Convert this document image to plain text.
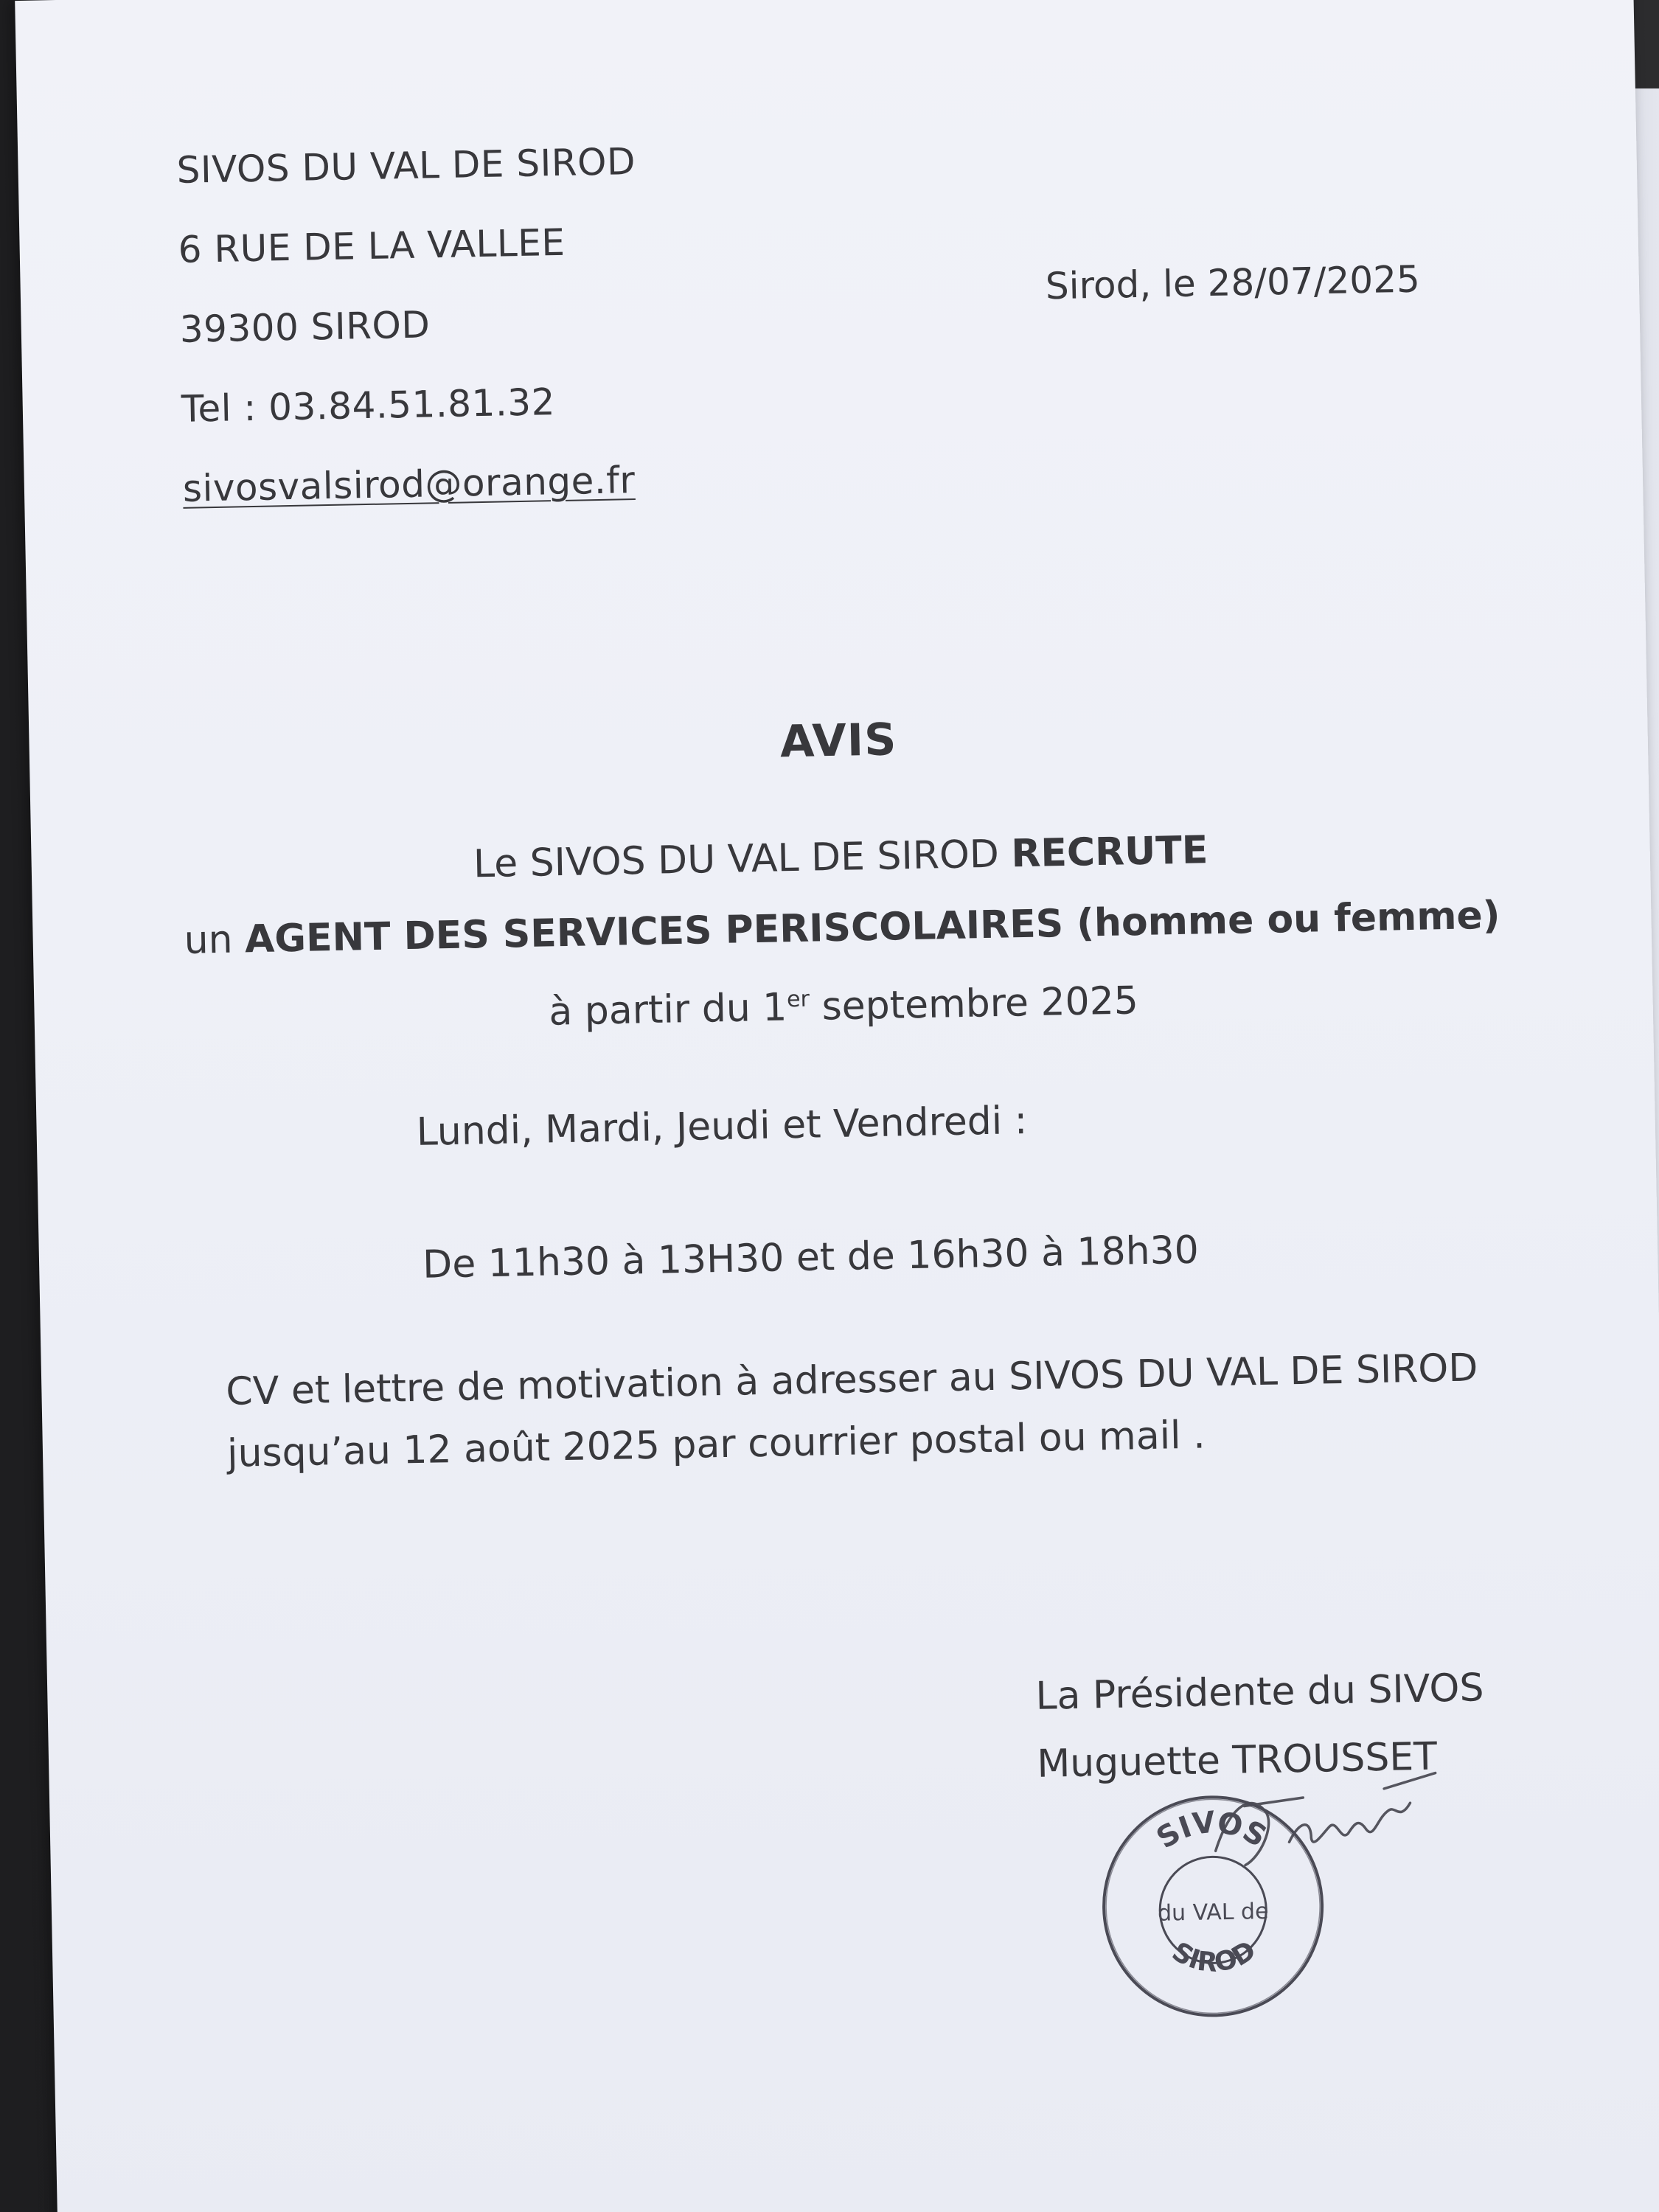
SIVOS DU VAL DE SIROD
6 RUE DE LA VALLEE
39300 SIROD
Tel : 03.84.51.81.32
sivosvalsirod@orange.fr
Sirod, le 28/07/2025
AVIS
Le SIVOS DU VAL DE SIROD RECRUTE
un AGENT DES SERVICES PERISCOLAIRES (homme ou femme)
à partir du 1er septembre 2025
Lundi, Mardi, Jeudi et Vendredi :
De 11h30 à 13H30 et de 16h30 à 18h30
CV et lettre de motivation à adresser au SIVOS DU VAL DE SIROD
jusqu’au 12 août 2025 par courrier postal ou mail .
La Présidente du SIVOS
Muguette TROUSSET
SIVOS
du VAL de
SIROD
